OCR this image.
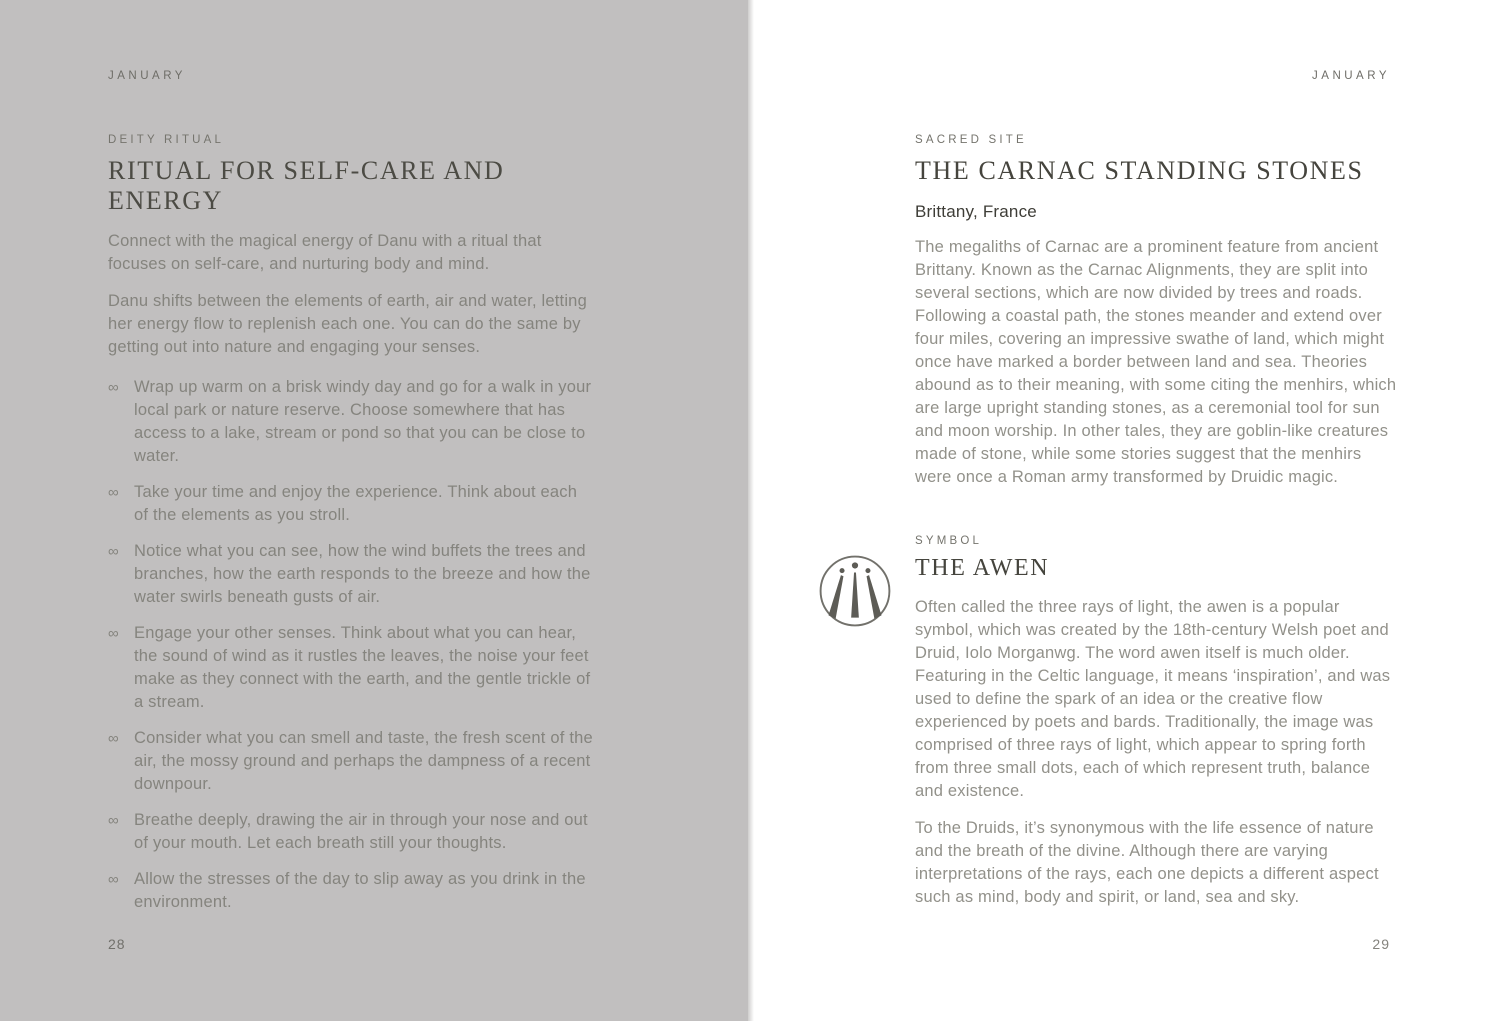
JANUARY
DEITY RITUAL
RITUAL FOR SELF-CARE AND ENERGY

Connect with the magical energy of Danu with a ritual that focuses on self-care, and nurturing body and mind.

Danu shifts between the elements of earth, air and water, letting her energy flow to replenish each one. You can do the same by getting out into nature and engaging your senses.

∞ Wrap up warm on a brisk windy day and go for a walk in your local park or nature reserve. Choose somewhere that has access to a lake, stream or pond so that you can be close to water.
∞ Take your time and enjoy the experience. Think about each of the elements as you stroll.
∞ Notice what you can see, how the wind buffets the trees and branches, how the earth responds to the breeze and how the water swirls beneath gusts of air.
∞ Engage your other senses. Think about what you can hear, the sound of wind as it rustles the leaves, the noise your feet make as they connect with the earth, and the gentle trickle of a stream.
∞ Consider what you can smell and taste, the fresh scent of the air, the mossy ground and perhaps the dampness of a recent downpour.
∞ Breathe deeply, drawing the air in through your nose and out of your mouth. Let each breath still your thoughts.
∞ Allow the stresses of the day to slip away as you drink in the environment.
28
JANUARY
SACRED SITE
THE CARNAC STANDING STONES
Brittany, France

The megaliths of Carnac are a prominent feature from ancient Brittany. Known as the Carnac Alignments, they are split into several sections, which are now divided by trees and roads. Following a coastal path, the stones meander and extend over four miles, covering an impressive swathe of land, which might once have marked a border between land and sea. Theories abound as to their meaning, with some citing the menhirs, which are large upright standing stones, as a ceremonial tool for sun and moon worship. In other tales, they are goblin-like creatures made of stone, while some stories suggest that the menhirs were once a Roman army transformed by Druidic magic.

SYMBOL
THE AWEN

Often called the three rays of light, the awen is a popular symbol, which was created by the 18th-century Welsh poet and Druid, Iolo Morganwg. The word awen itself is much older. Featuring in the Celtic language, it means ‘inspiration’, and was used to define the spark of an idea or the creative flow experienced by poets and bards. Traditionally, the image was comprised of three rays of light, which appear to spring forth from three small dots, each of which represent truth, balance and existence.

To the Druids, it’s synonymous with the life essence of nature and the breath of the divine. Although there are varying interpretations of the rays, each one depicts a different aspect such as mind, body and spirit, or land, sea and sky.

29
